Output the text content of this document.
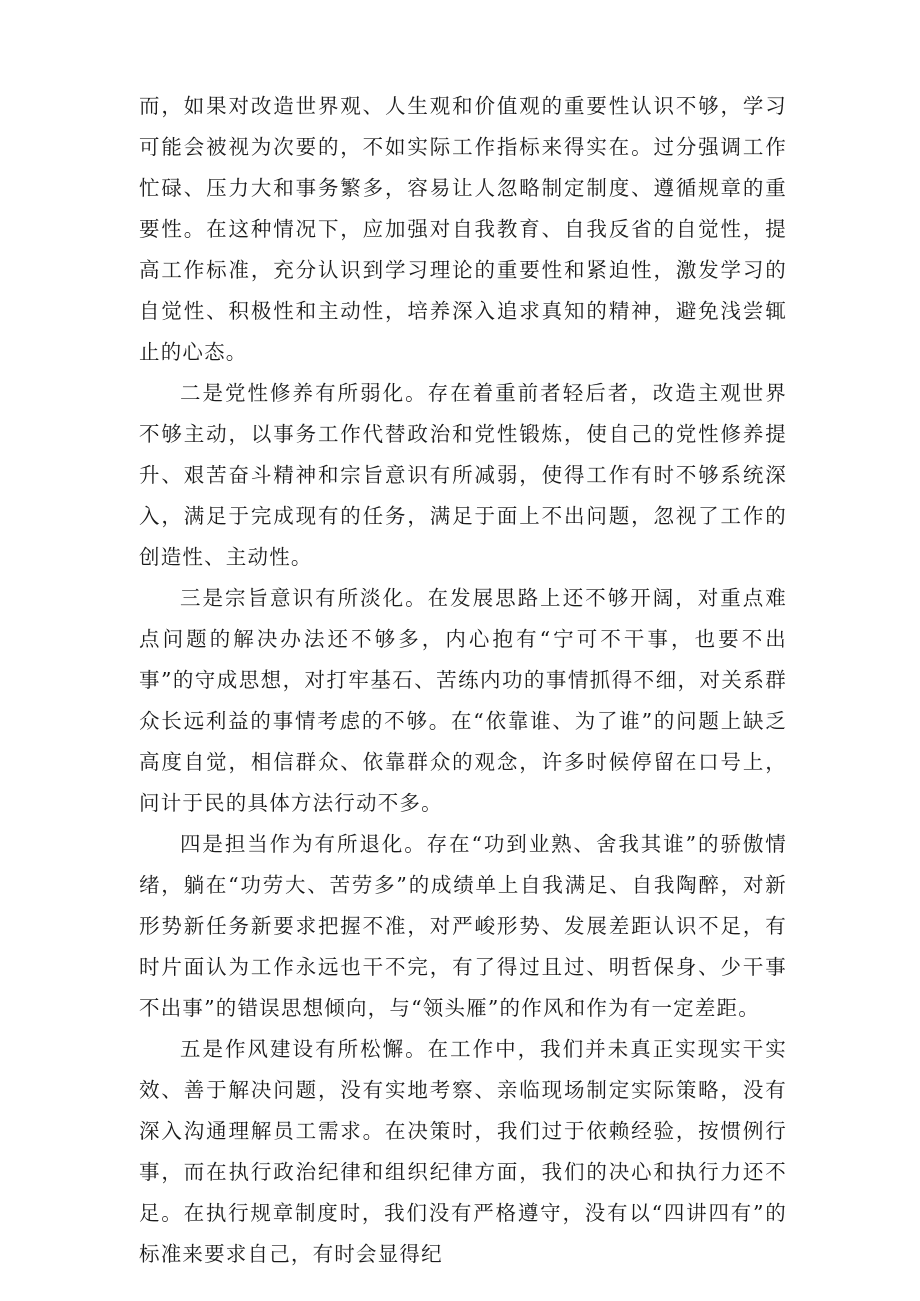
而，如果对改造世界观、人生观和价值观的重要性认识不够，学习可能会被视为次要的，不如实际工作指标来得实在。过分强调工作忙碌、压力大和事务繁多，容易让人忽略制定制度、遵循规章的重要性。在这种情况下，应加强对自我教育、自我反省的自觉性，提高工作标准，充分认识到学习理论的重要性和紧迫性，激发学习的自觉性、积极性和主动性，培养深入追求真知的精神，避免浅尝辄止的心态。

二是党性修养有所弱化。存在着重前者轻后者，改造主观世界不够主动，以事务工作代替政治和党性锻炼，使自己的党性修养提升、艰苦奋斗精神和宗旨意识有所减弱，使得工作有时不够系统深入，满足于完成现有的任务，满足于面上不出问题，忽视了工作的创造性、主动性。

三是宗旨意识有所淡化。在发展思路上还不够开阔，对重点难点问题的解决办法还不够多，内心抱有“宁可不干事，也要不出事”的守成思想，对打牢基石、苦练内功的事情抓得不细，对关系群众长远利益的事情考虑的不够。在“依靠谁、为了谁”的问题上缺乏高度自觉，相信群众、依靠群众的观念，许多时候停留在口号上，问计于民的具体方法行动不多。

四是担当作为有所退化。存在“功到业熟、舍我其谁”的骄傲情绪，躺在“功劳大、苦劳多”的成绩单上自我满足、自我陶醉，对新形势新任务新要求把握不准，对严峻形势、发展差距认识不足，有时片面认为工作永远也干不完，有了得过且过、明哲保身、少干事不出事”的错误思想倾向，与“领头雁”的作风和作为有一定差距。

五是作风建设有所松懈。在工作中，我们并未真正实现实干实效、善于解决问题，没有实地考察、亲临现场制定实际策略，没有深入沟通理解员工需求。在决策时，我们过于依赖经验，按惯例行事，而在执行政治纪律和组织纪律方面，我们的决心和执行力还不足。在执行规章制度时，我们没有严格遵守，没有以“四讲四有”的标准来要求自己，有时会显得纪
